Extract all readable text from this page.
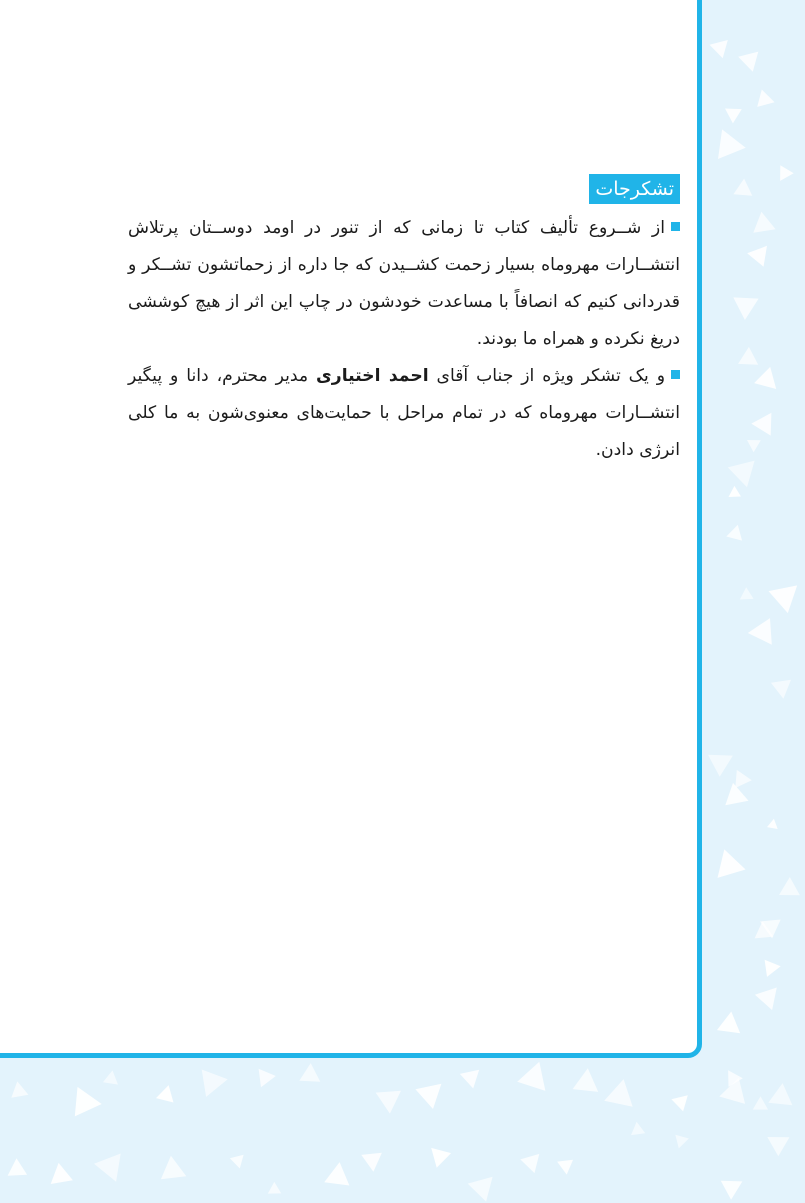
تشکرجات

از شــروع تألیف کتاب تا زمانی که از تنور در اومد دوســتان پرتلاش انتشــارات مهروماه بسیار زحمت کشــیدن که جا داره از زحماتشون تشــکر و قدردانی کنیم که انصافاً با مساعدت خودشون در چاپ این اثر از هیچ کوششی دریغ نکرده و همراه ما بودند.

و یک تشکر ویژه از جناب آقای احمد اختیاری مدیر محترم، دانا و پیگیر انتشــارات مهروماه که در تمام مراحل با حمایت‌های معنوی‌شون به ما کلی انرژی دادن.
